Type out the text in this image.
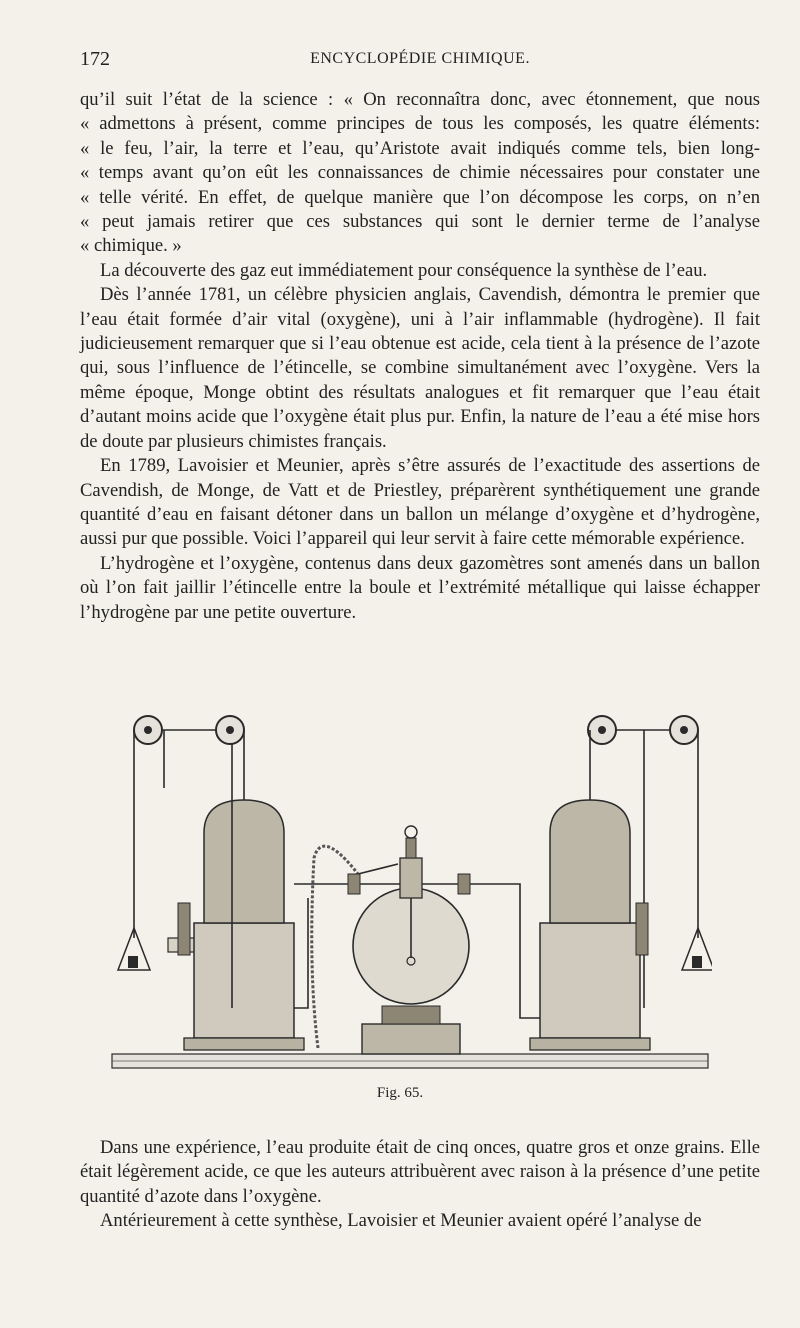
172	ENCYCLOPÉDIE CHIMIQUE.
qu’il suit l’état de la science : « On reconnaîtra donc, avec étonnement, que nous
« admettons à présent, comme principes de tous les composés, les quatre éléments:
« le feu, l’air, la terre et l’eau, qu’Aristote avait indiqués comme tels, bien long-
« temps avant qu’on eût les connaissances de chimie nécessaires pour constater une
« telle vérité. En effet, de quelque manière que l’on décompose les corps, on n’en
« peut jamais retirer que ces substances qui sont le dernier terme de l’analyse
« chimique. »

La découverte des gaz eut immédiatement pour conséquence la synthèse de l’eau.

Dès l’année 1781, un célèbre physicien anglais, Cavendish, démontra le premier que l’eau était formée d’air vital (oxygène), uni à l’air inflammable (hydrogène). Il fait judicieusement remarquer que si l’eau obtenue est acide, cela tient à la présence de l’azote qui, sous l’influence de l’étincelle, se combine simultanément avec l’oxygène. Vers la même époque, Monge obtint des résultats analogues et fit remarquer que l’eau était d’autant moins acide que l’oxygène était plus pur. Enfin, la nature de l’eau a été mise hors de doute par plusieurs chimistes français.

En 1789, Lavoisier et Meunier, après s’être assurés de l’exactitude des assertions de Cavendish, de Monge, de Vatt et de Priestley, préparèrent synthétiquement une grande quantité d’eau en faisant détoner dans un ballon un mélange d’oxygène et d’hydrogène, aussi pur que possible. Voici l’appareil qui leur servit à faire cette mémorable expérience.

L’hydrogène et l’oxygène, contenus dans deux gazomètres sont amenés dans un ballon où l’on fait jaillir l’étincelle entre la boule et l’extrémité métallique qui laisse échapper l’hydrogène par une petite ouverture.

Fig. 65.

Dans une expérience, l’eau produite était de cinq onces, quatre gros et onze grains. Elle était légèrement acide, ce que les auteurs attribuèrent avec raison à la présence d’une petite quantité d’azote dans l’oxygène.

Antérieurement à cette synthèse, Lavoisier et Meunier avaient opéré l’analyse de
